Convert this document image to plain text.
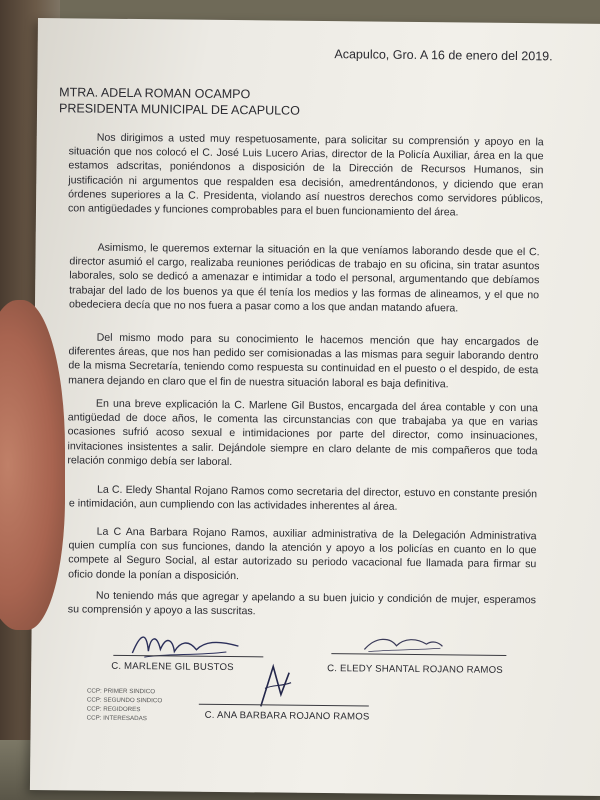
Acapulco, Gro. A 16 de enero del 2019.
MTRA. ADELA ROMAN OCAMPO
PRESIDENTA MUNICIPAL DE ACAPULCO
Nos dirigimos a usted muy respetuosamente, para solicitar su comprensión y apoyo en la situación que nos colocó el C. José Luis Lucero Arias, director de la Policía Auxiliar, área en la que estamos adscritas, poniéndonos a disposición de la Dirección de Recursos Humanos, sin justificación ni argumentos que respalden esa decisión, amedrentándonos, y diciendo que eran órdenes superiores a la C. Presidenta, violando así nuestros derechos como servidores públicos, con antigüedades y funciones comprobables para el buen funcionamiento del área.
Asimismo, le queremos externar la situación en la que veníamos laborando desde que el C. director asumió el cargo, realizaba reuniones periódicas de trabajo en su oficina, sin tratar asuntos laborales, solo se dedicó a amenazar e intimidar a todo el personal, argumentando que debíamos trabajar del lado de los buenos ya que él tenía los medios y las formas de alineamos, y el que no obedeciera decía que no nos fuera a pasar como a los que andan matando afuera.
Del mismo modo para su conocimiento le hacemos mención que hay encargados de diferentes áreas, que nos han pedido ser comisionadas a las mismas para seguir laborando dentro de la misma Secretaría, teniendo como respuesta su continuidad en el puesto o el despido, de esta manera dejando en claro que el fin de nuestra situación laboral es baja definitiva.
En una breve explicación la C. Marlene Gil Bustos, encargada del área contable y con una antigüedad de doce años, le comenta las circunstancias con que trabajaba ya que en varias ocasiones sufrió acoso sexual e intimidaciones por parte del director, como insinuaciones, invitaciones insistentes a salir. Dejándole siempre en claro delante de mis compañeros que toda relación conmigo debía ser laboral.
La C. Eledy Shantal Rojano Ramos como secretaria del director, estuvo en constante presión e intimidación, aun cumpliendo con las actividades inherentes al área.
La C Ana Barbara Rojano Ramos, auxiliar administrativa de la Delegación Administrativa quien cumplía con sus funciones, dando la atención y apoyo a los policías en cuanto en lo que compete al Seguro Social, al estar autorizado su periodo vacacional fue llamada para firmar su oficio donde la ponían a disposición.
No teniendo más que agregar y apelando a su buen juicio y condición de mujer, esperamos su comprensión y apoyo a las suscritas.
C. MARLENE GIL BUSTOS	C. ELEDY SHANTAL ROJANO RAMOS
C. ANA BARBARA ROJANO RAMOS
CCP: PRIMER SINDICO
CCP: SEGUNDO SINDICO
CCP: REGIDORES
CCP: INTERESADAS
